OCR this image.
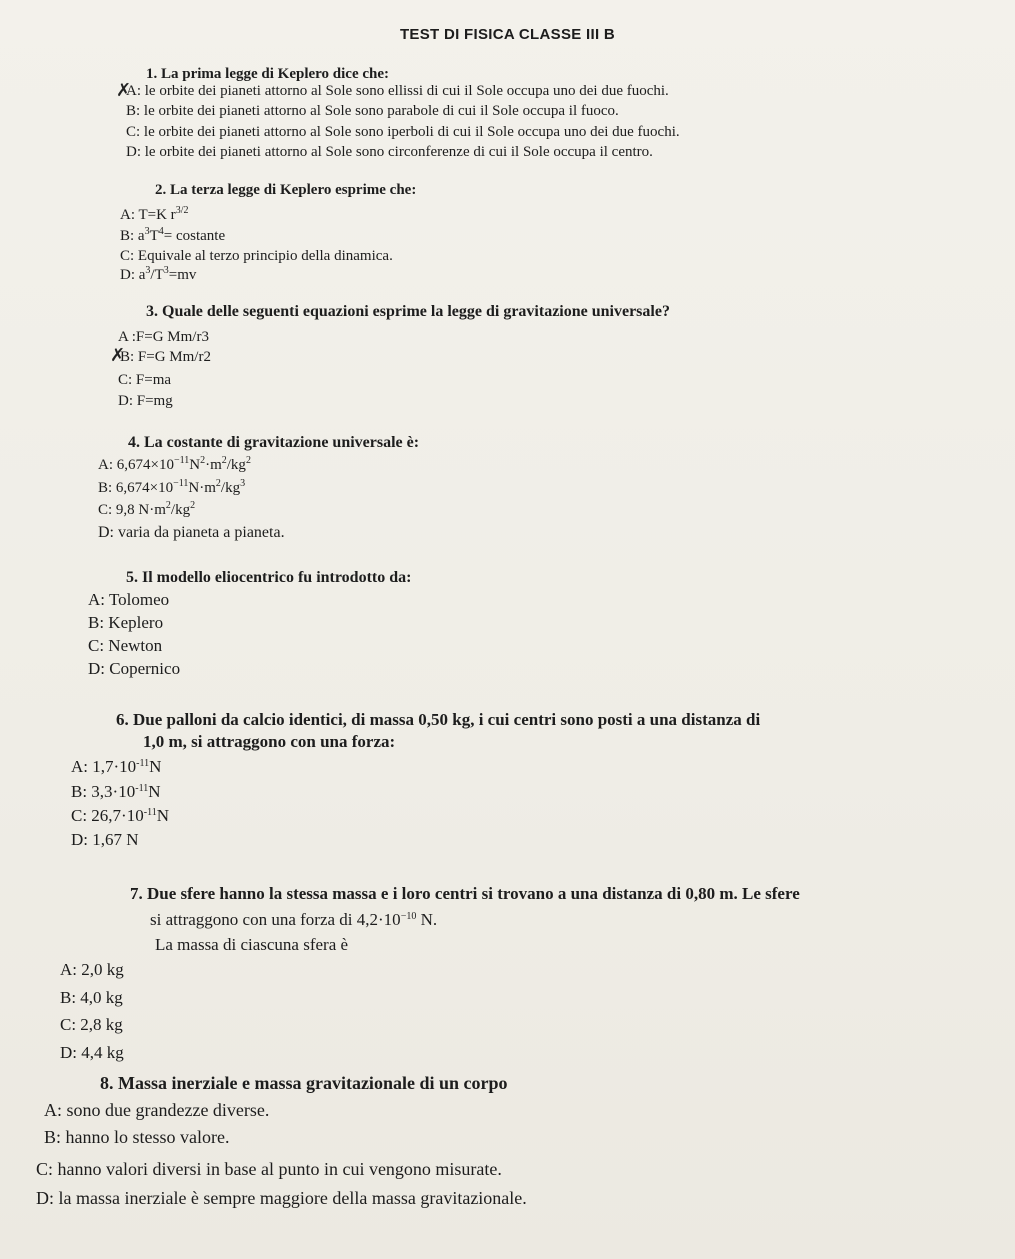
TEST DI FISICA CLASSE III B
1. La prima legge di Keplero dice che:
✗
A: le orbite dei pianeti attorno al Sole sono ellissi di cui il Sole occupa uno dei due fuochi.
B: le orbite dei pianeti attorno al Sole sono parabole di cui il Sole occupa il fuoco.
C: le orbite dei pianeti attorno al Sole sono iperboli di cui il Sole occupa uno dei due fuochi.
D: le orbite dei pianeti attorno al Sole sono circonferenze di cui il Sole occupa il centro.
2. La terza legge di Keplero esprime che:
A: T=K $r^{3/2}$
B: $a^3T^4=$ costante
C: Equivale al terzo principio della dinamica.
D: $a^3/T^3=mv$
3. Quale delle seguenti equazioni esprime la legge di gravitazione universale?
A :F=G Mm/r3
✗
B: F=G Mm/r2
C: F=ma
D: F=mg
4. La costante di gravitazione universale è:
A: $6,674\times 10^{-11}N^2\cdot m^2/kg^2$
B: $6,674\times 10^{-11}N\cdot m^2/kg^3$
C: 9,8 $N\cdot m^2/kg^2$
D: varia da pianeta a pianeta.
5. Il modello eliocentrico fu introdotto da:
A: Tolomeo
B: Keplero
C: Newton
D: Copernico
6. Due palloni da calcio identici, di massa 0,50 kg, i cui centri sono posti a una distanza di
1,0 m, si attraggono con una forza:
A: $1,7\cdot 10^{-11}N$
B: $3,3\cdot 10^{-11}N$
C: $26,7\cdot 10^{-11}N$
D: 1,67 N
7. Due sfere hanno la stessa massa e i loro centri si trovano a una distanza di 0,80 m. Le sfere
si attraggono con una forza di $4,2\cdot 10^{-10}$ N.
La massa di ciascuna sfera è
A: 2,0 kg
B: 4,0 kg
C: 2,8 kg
D: 4,4 kg
8. Massa inerziale e massa gravitazionale di un corpo
A: sono due grandezze diverse.
B: hanno lo stesso valore.
C: hanno valori diversi in base al punto in cui vengono misurate.
D: la massa inerziale è sempre maggiore della massa gravitazionale.
